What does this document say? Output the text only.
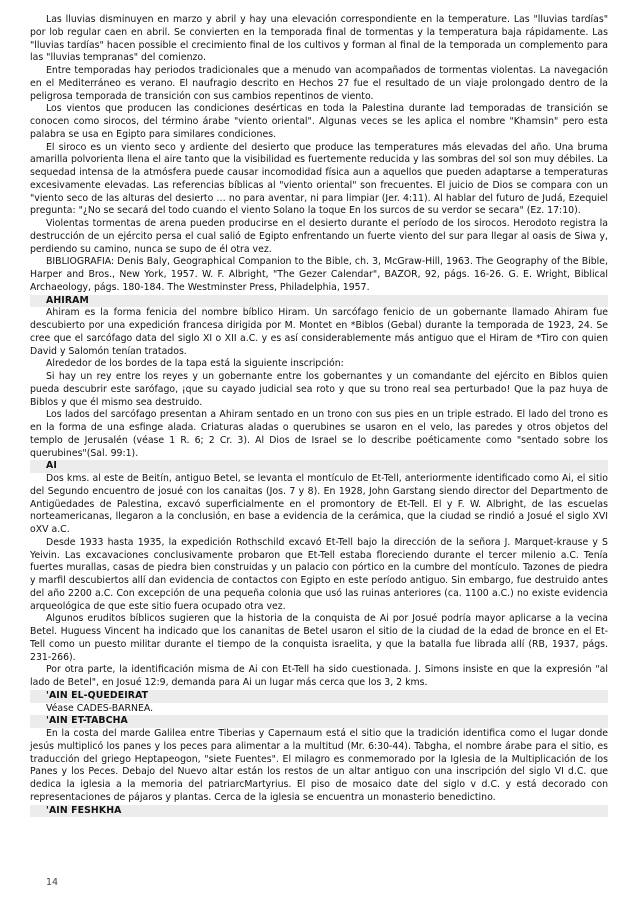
Las lluvias disminuyen en marzo y abril y hay una elevación correspondiente en la temperature. Las "lluvias tardías" por lob regular caen en abril. Se convierten en la temporada final de tormentas y la temperatura baja rápidamente. Las "lluvias tardías" hacen possible el crecimiento final de los cultivos y forman al final de la temporada un complemento para las "lluvias tempranas" del comienzo.

Entre temporadas hay periodos tradicionales que a menudo van acompañados de tormentas violentas. La navegación en el Mediterráneo es verano. El naufragio descrito en Hechos 27 fue el resultado de un viaje prolongado dentro de la peligrosa temporada de transición con sus cambios repentinos de viento.

Los vientos que producen las condiciones desérticas en toda la Palestina durante lad temporadas de transición se conocen como sirocos, del término árabe "viento oriental". Algunas veces se les aplica el nombre "Khamsin" pero esta palabra se usa en Egipto para similares condiciones.

El siroco es un viento seco y ardiente del desierto que produce las temperatures más elevadas del año. Una bruma amarilla polvorienta llena el aire tanto que la visibilidad es fuertemente reducida y las sombras del sol son muy débiles. La sequedad intensa de la atmósfera puede causar incomodidad física aun a aquellos que pueden adaptarse a temperaturas excesivamente elevadas. Las referencias bíblicas al "viento oriental" son frecuentes. El juicio de Dios se compara con un "viento seco de las alturas del desierto … no para aventar, ni para limpiar (Jer. 4:11). Al hablar del futuro de Judá, Ezequiel pregunta: "¿No se secará del todo cuando el viento Solano la toque En los surcos de su verdor se secara" (Ez. 17:10).

Violentas tormentas de arena pueden producirse en el desierto durante el período de los sirocos. Herodoto registra la destrucción de un ejército persa el cual salió de Egipto enfrentando un fuerte viento del sur para llegar al oasis de Siwa y, perdiendo su camino, nunca se supo de él otra vez.

BIBLIOGRAFIA: Denis Baly, Geographical Companion to the Bible, ch. 3, McGraw-Hill, 1963. The Geography of the Bible, Harper and Bros., New York, 1957. W. F. Albright, "The Gezer Calendar", BAZOR, 92, págs. 16-26. G. E. Wright, Biblical Archaeology, págs. 180-184. The Westminster Press, Philadelphia, 1957.

AHIRAM

Ahiram es la forma fenicia del nombre bíblico Hiram. Un sarcófago fenicio de un gobernante llamado Ahiram fue descubierto por una expedición francesa dirigida por M. Montet en *Biblos (Gebal) durante la temporada de 1923, 24. Se cree que el sarcófago data del siglo XI o XII a.C. y es así considerablemente más antiguo que el Hiram de *Tiro con quien David y Salomón tenían tratados.

Alrededor de los bordes de la tapa está la siguiente inscripción:

Si hay un rey entre los reyes y un gobernante entre los gobernantes y un comandante del ejército en Biblos quien pueda descubrir este sarófago, ¡que su cayado judicial sea roto y que su trono real sea perturbado! Que la paz huya de Biblos y que él mismo sea destruido.

Los lados del sarcófago presentan a Ahiram sentado en un trono con sus pies en un triple estrado. El lado del trono es en la forma de una esfinge alada. Criaturas aladas o querubines se usaron en el velo, las paredes y otros objetos del templo de Jerusalén (véase 1 R. 6; 2 Cr. 3). Al Dios de Israel se lo describe poéticamente como "sentado sobre los querubines"(Sal. 99:1).

AI

Dos kms. al este de Beitín, antiguo Betel, se levanta el montículo de Et-Tell, anteriormente identificado como Ai, el sitio del Segundo encuentro de josué con los canaitas (Jos. 7 y 8). En 1928, John Garstang siendo director del Departmento de Antigüedades de Palestina, excavó superficialmente en el promontory de Et-Tell. El y F. W. Albright, de las escuelas norteamericanas, llegaron a la conclusión, en base a evidencia de la cerámica, que la ciudad se rindió a Josué el siglo XVI oXV a.C.

Desde 1933 hasta 1935, la expedición Rothschild excavó Et-Tell bajo la dirección de la señora J. Marquet-krause y S Yeivin. Las excavaciones conclusivamente probaron que Et-Tell estaba floreciendo durante el tercer milenio a.C. Tenía fuertes murallas, casas de piedra bien construidas y un palacio con pórtico en la cumbre del montículo. Tazones de piedra y marfil descubiertos allí dan evidencia de contactos con Egipto en este período antiguo. Sin embargo, fue destruido antes del año 2200 a.C. Con excepción de una pequeña colonia que usó las ruinas anteriores (ca. 1100 a.C.) no existe evidencia arqueológica de que este sitio fuera ocupado otra vez.

Algunos eruditos bíblicos sugieren que la historia de la conquista de Ai por Josué podría mayor aplicarse a la vecina Betel. Huguess Vincent ha indicado que los cananitas de Betel usaron el sitio de la ciudad de la edad de bronce en el Et-Tell como un puesto militar durante el tiempo de la conquista israelita, y que la batalla fue librada allí (RB, 1937, págs. 231-266).

Por otra parte, la identificación misma de Ai con Et-Tell ha sido cuestionada. J. Simons insiste en que la expresión "al lado de Betel", en Josué 12:9, demanda para Ai un lugar más cerca que los 3, 2 kms.

'AIN EL-QUEDEIRAT

Véase CADES-BARNEA.

'AIN ET-TABCHA

En la costa del marde Galilea entre Tiberias y Capernaum está el sitio que la tradición identifica como el lugar donde jesús multiplicó los panes y los peces para alimentar a la multitud (Mr. 6:30-44). Tabgha, el nombre árabe para el sitio, es traducción del griego Heptapeogon, "siete Fuentes". El milagro es conmemorado por la Iglesia de la Multiplicación de los Panes y los Peces. Debajo del Nuevo altar están los restos de un altar antiguo con una inscripción del siglo VI d.C. que dedica la iglesia a la memoria del patriarcMartyrius. El piso de mosaico date del siglo v d.C. y está decorado con representaciones de pájaros y plantas. Cerca de la iglesia se encuentra un monasterio benedictino.

'AIN FESHKHA

14
